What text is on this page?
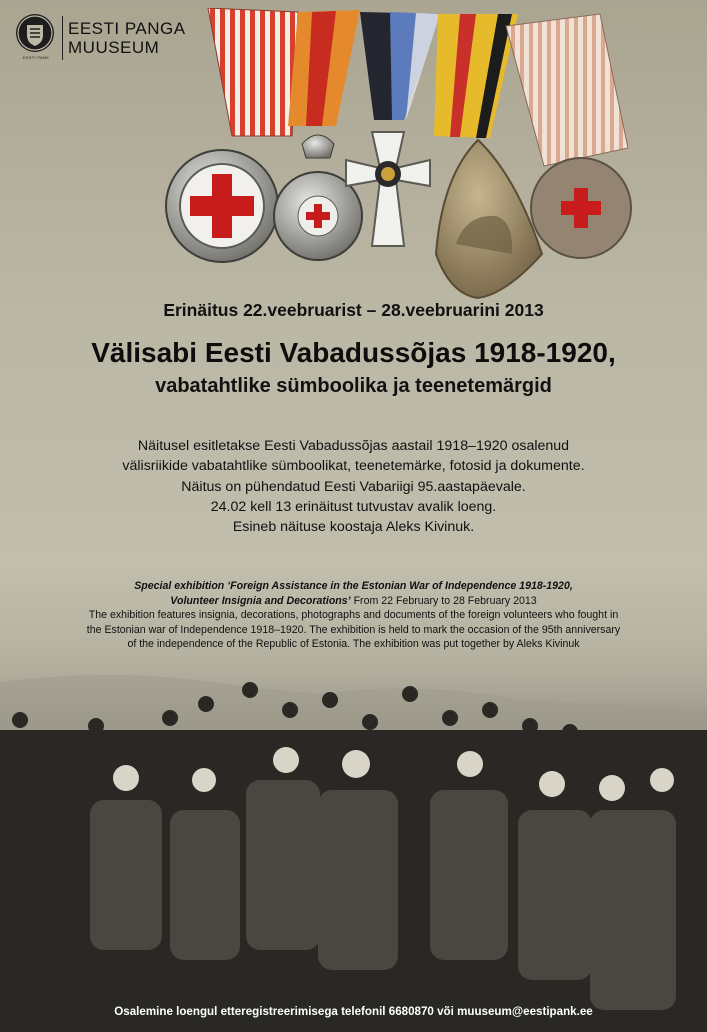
EESTI PANK
EESTI PANGA
MUUSEUM
Erinäitus 22.veebruarist – 28.veebruarini 2013
Välisabi Eesti Vabadussõjas 1918-1920,
vabatahtlike sümboolika ja teenetemärgid
Näitusel esitletakse Eesti Vabadussõjas aastail 1918–1920 osalenud
välisriikide vabatahtlike sümboolikat, teenetemärke, fotosid ja dokumente.
Näitus on pühendatud Eesti Vabariigi 95.aastapäevale.
24.02 kell 13 erinäitust tutvustav avalik loeng.
Esineb näituse koostaja Aleks Kivinuk.
Special exhibition ‘Foreign Assistance in the Estonian War of Independence 1918-1920,
Volunteer Insignia and Decorations’ From 22 February to 28 February 2013
The exhibition features insignia, decorations, photographs and documents of the foreign volunteers who fought in
the Estonian war of Independence 1918–1920. The exhibition is held to mark the occasion of the 95th anniversary
of the independence of the Republic of Estonia. The exhibition was put together by Aleks Kivinuk
Osalemine loengul etteregistreerimisega telefonil 6680870 või muuseum@eestipank.ee
